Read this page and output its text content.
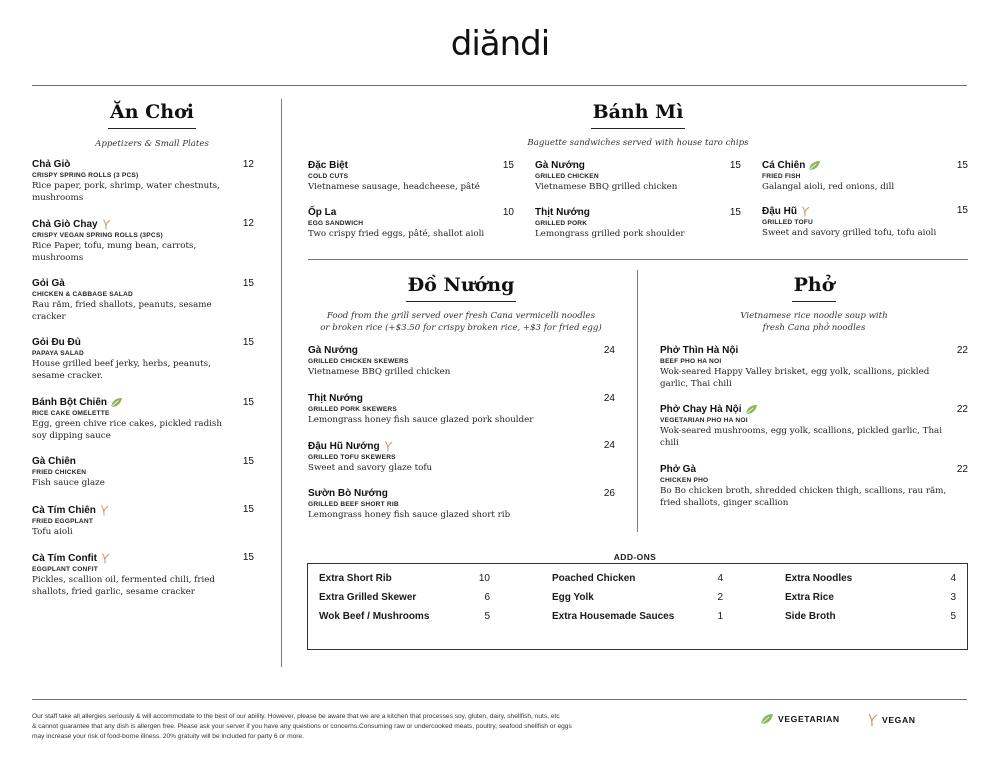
diăndi
Ăn Chơi
Appetizers & Small Plates
Bánh Mì
Baguette sandwiches served with house taro chips
Đồ Nướng
Food from the grill served over fresh Cana vermicelli noodles
or broken rice (+$3.50 for crispy broken rice, +$3 for fried egg)
Phở
Vietnamese rice noodle soup with
fresh Cana phở noodles
Chả Giò	12
CRISPY SPRING ROLLS (3 PCS)
Rice paper, pork, shrimp, water chestnuts, mushrooms
Chả Giò Chay	12
CRISPY VEGAN SPRING ROLLS (3PCS)
Rice Paper, tofu, mung bean, carrots, mushrooms
Gỏi Gà	15
CHICKEN & CABBAGE SALAD
Rau răm, fried shallots, peanuts, sesame cracker
Gỏi Đu Đủ	15
PAPAYA SALAD
House grilled beef jerky, herbs, peanuts, sesame cracker.
Bánh Bột Chiên	15
RICE CAKE OMELETTE
Egg, green chive rice cakes, pickled radish soy dipping sauce
Gà Chiên	15
FRIED CHICKEN
Fish sauce glaze
Cà Tím Chiên	15
FRIED EGGPLANT
Tofu aioli
Cà Tím Confit	15
EGGPLANT CONFIT
Pickles, scallion oil, fermented chili, fried shallots, fried garlic, sesame cracker
Đặc Biệt	15
COLD CUTS
Vietnamese sausage, headcheese, pâté
Ốp La	10
EGG SANDWICH
Two crispy fried eggs, pâté, shallot aioli
Gà Nướng	15
GRILLED CHICKEN
Vietnamese BBQ grilled chicken
Thịt Nướng	15
GRILLED PORK
Lemongrass grilled pork shoulder
Cá Chiên	15
FRIED FISH
Galangal aioli, red onions, dill
Đậu Hũ	15
GRILLED TOFU
Sweet and savory grilled tofu, tofu aioli
Gà Nướng	24
GRILLED CHICKEN SKEWERS
Vietnamese BBQ grilled chicken
Thịt Nướng	24
GRILLED PORK SKEWERS
Lemongrass honey fish sauce glazed pork shoulder
Đậu Hũ Nướng	24
GRILLED TOFU SKEWERS
Sweet and savory glaze tofu
Sườn Bò Nướng	26
GRILLED BEEF SHORT RIB
Lemongrass honey fish sauce glazed short rib
Phở Thìn Hà Nội	22
BEEF PHO HA NOI
Wok-seared Happy Valley brisket, egg yolk, scallions, pickled garlic, Thai chili
Phở Chay Hà Nội	22
VEGETARIAN PHO HA NOI
Wok-seared mushrooms, egg yolk, scallions, pickled garlic, Thai chili
Phở Gà	22
CHICKEN PHO
Bo Bo chicken broth, shredded chicken thigh, scallions, rau răm, fried shallots, ginger scallion
ADD-ONS
Extra Short Rib	10
Extra Grilled Skewer	6
Wok Beef / Mushrooms	5
Poached Chicken	4
Egg Yolk	2
Extra Housemade Sauces	1
Extra Noodles	4
Extra Rice	3
Side Broth	5
Our staff take all allergies seriously & will accommodate to the best of our ability. However, please be aware that we are a kitchen that processes soy, gluten, dairy, shellfish, nuts, etc
& cannot guarantee that any dish is allergen free. Please ask your server if you have any questions or concerns.Consuming raw or undercooked meats, poultry, seafood shellfish or eggs
may increase your risk of food-borne illness. 20% gratuity will be included for party 6 or more.
VEGETARIAN	VEGAN
